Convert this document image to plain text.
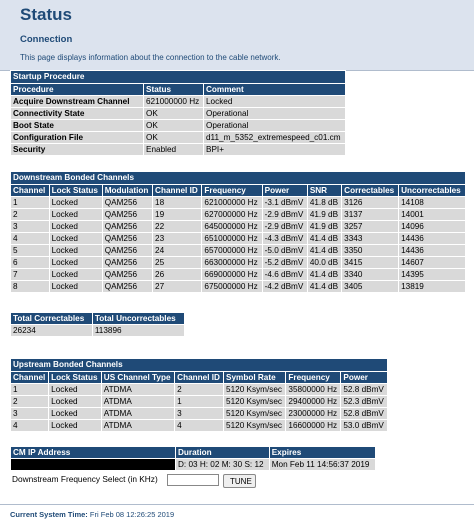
Status
Connection
This page displays information about the connection to the cable network.
Startup Procedure		
Procedure	Status	Comment
Acquire Downstream Channel	621000000 Hz	Locked
Connectivity State	OK	Operational
Boot State	OK	Operational
Configuration File	OK	d11_m_5352_extremespeed_c01.cm
Security	Enabled	BPI+
Downstream Bonded Channels								
Channel	Lock Status	Modulation	Channel ID	Frequency	Power	SNR	Correctables	Uncorrectables
1	Locked	QAM256	18	621000000 Hz	-3.1 dBmV	41.8 dB	3126	14108
2	Locked	QAM256	19	627000000 Hz	-2.9 dBmV	41.9 dB	3137	14001
3	Locked	QAM256	22	645000000 Hz	-2.9 dBmV	41.9 dB	3257	14096
4	Locked	QAM256	23	651000000 Hz	-4.3 dBmV	41.4 dB	3343	14436
5	Locked	QAM256	24	657000000 Hz	-5.0 dBmV	41.4 dB	3350	14436
6	Locked	QAM256	25	663000000 Hz	-5.2 dBmV	40.0 dB	3415	14607
7	Locked	QAM256	26	669000000 Hz	-4.6 dBmV	41.4 dB	3340	14395
8	Locked	QAM256	27	675000000 Hz	-4.2 dBmV	41.4 dB	3405	13819
Total Correctables	Total Uncorrectables
26234	113896
Upstream Bonded Channels						
Channel	Lock Status	US Channel Type	Channel ID	Symbol Rate	Frequency	Power
1	Locked	ATDMA	2	5120 Ksym/sec	35800000 Hz	52.8 dBmV
2	Locked	ATDMA	1	5120 Ksym/sec	29400000 Hz	52.3 dBmV
3	Locked	ATDMA	3	5120 Ksym/sec	23000000 Hz	52.8 dBmV
4	Locked	ATDMA	4	5120 Ksym/sec	16600000 Hz	53.0 dBmV
CM IP Address	Duration	Expires
	D: 03 H: 02 M: 30 S: 12	Mon Feb 11 14:56:37 2019
Downstream Frequency Select (in KHz)	TUNE
Current System Time: Fri Feb 08 12:26:25 2019
